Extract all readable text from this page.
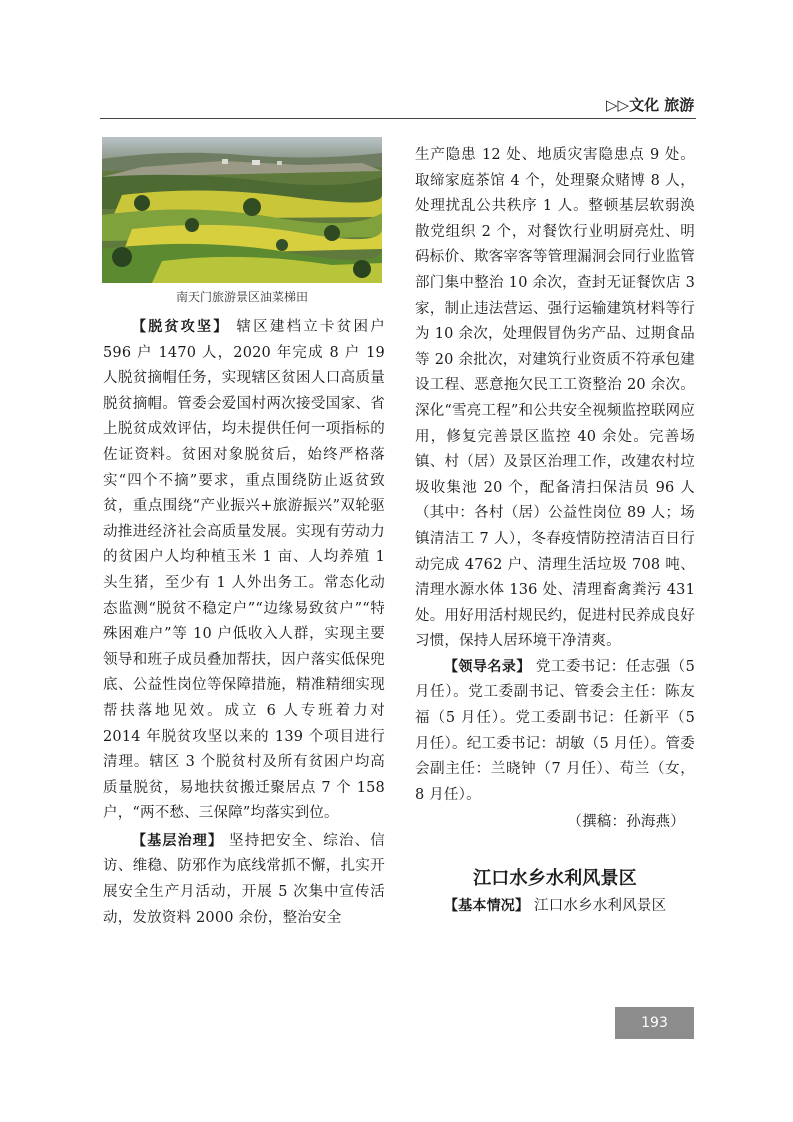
▷▷文化 旅游
南天门旅游景区油菜梯田

【脱贫攻坚】 辖区建档立卡贫困户 596 户 1470 人，2020 年完成 8 户 19 人脱贫摘帽任务，实现辖区贫困人口高质量脱贫摘帽。管委会爱国村两次接受国家、省上脱贫成效评估，均未提供任何一项指标的佐证资料。贫困对象脱贫后，始终严格落实“四个不摘”要求，重点围绕防止返贫致贫，重点围绕“产业振兴+旅游振兴”双轮驱动推进经济社会高质量发展。实现有劳动力的贫困户人均种植玉米 1 亩、人均养殖 1 头生猪，至少有 1 人外出务工。常态化动态监测“脱贫不稳定户”“边缘易致贫户”“特殊困难户”等 10 户低收入人群，实现主要领导和班子成员叠加帮扶，因户落实低保兜底、公益性岗位等保障措施，精准精细实现帮扶落地见效。成立 6 人专班着力对 2014 年脱贫攻坚以来的 139 个项目进行清理。辖区 3 个脱贫村及所有贫困户均高质量脱贫，易地扶贫搬迁聚居点 7 个 158 户，“两不愁、三保障”均落实到位。

【基层治理】 坚持把安全、综治、信访、维稳、防邪作为底线常抓不懈，扎实开展安全生产月活动，开展 5 次集中宣传活动，发放资料 2000 余份，整治安全

生产隐患 12 处、地质灾害隐患点 9 处。取缔家庭茶馆 4 个，处理聚众赌博 8 人，处理扰乱公共秩序 1 人。整顿基层软弱涣散党组织 2 个，对餐饮行业明厨亮灶、明码标价、欺客宰客等管理漏洞会同行业监管部门集中整治 10 余次，查封无证餐饮店 3 家，制止违法营运、强行运输建筑材料等行为 10 余次，处理假冒伪劣产品、过期食品等 20 余批次，对建筑行业资质不符承包建设工程、恶意拖欠民工工资整治 20 余次。深化“雪亮工程”和公共安全视频监控联网应用，修复完善景区监控 40 余处。完善场镇、村（居）及景区治理工作，改建农村垃圾收集池 20 个，配备清扫保洁员 96 人（其中：各村（居）公益性岗位 89 人；场镇清洁工 7 人），冬春疫情防控清洁百日行动完成 4762 户、清理生活垃圾 708 吨、清理水源水体 136 处、清理畜禽粪污 431 处。用好用活村规民约，促进村民养成良好习惯，保持人居环境干净清爽。

【领导名录】 党工委书记：任志强（5 月任）。党工委副书记、管委会主任：陈友福（5 月任）。党工委副书记：任新平（5 月任）。纪工委书记：胡敏（5 月任）。管委会副主任：兰晓钟（7 月任）、苟兰（女，8 月任）。

（撰稿：孙海燕）

江口水乡水利风景区

【基本情况】 江口水乡水利风景区

193
